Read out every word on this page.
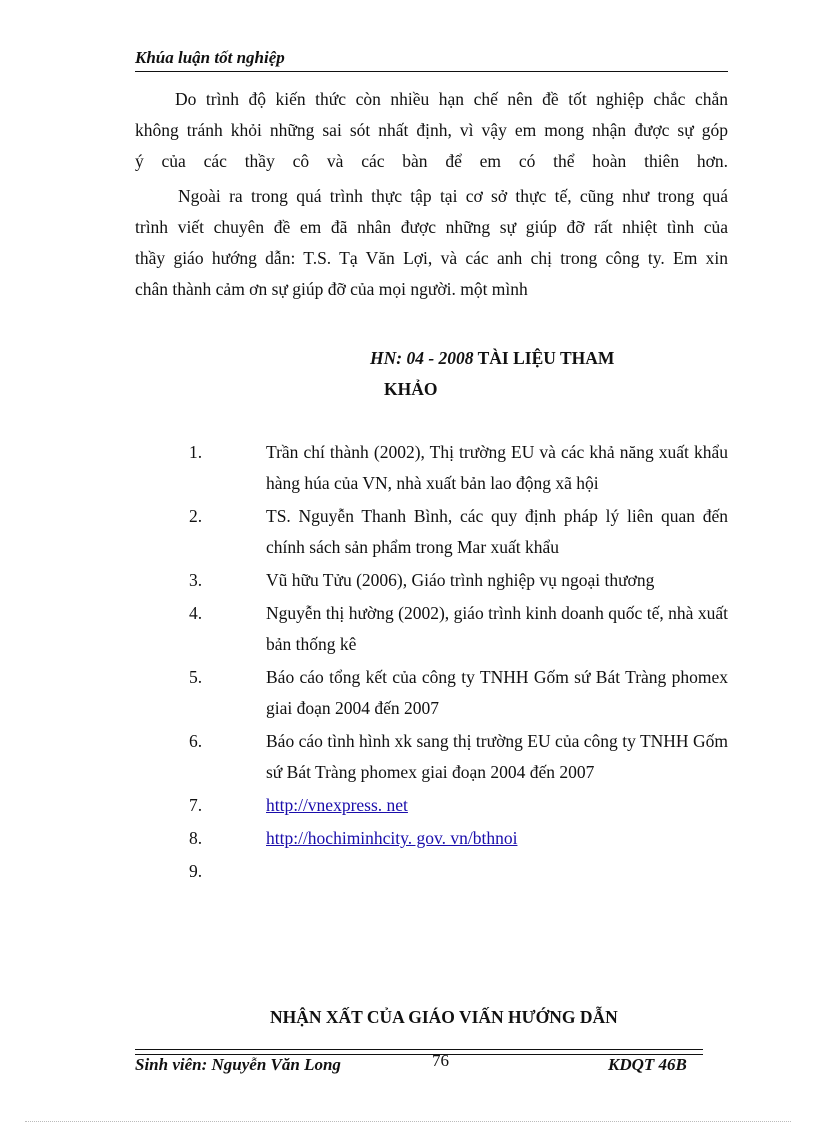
Khúa luận tốt nghiệp
Do trình độ kiến thức còn nhiều hạn chế nên đề tốt nghiệp chắc chắn
không tránh khỏi những sai sót nhất định, vì vậy em mong nhận được sự góp
ý của các thầy cô và các bàn để em có thể hoàn thiên hơn.
Ngoài ra trong quá trình thực tập tại cơ sở thực tế, cũng như trong quá
trình viết chuyên đề em đã nhân được những sự giúp đỡ rất nhiệt tình của
thầy giáo hướng dẫn: T.S. Tạ Văn Lợi, và các anh chị trong công ty. Em xin
chân thành cảm ơn sự giúp đỡ của mọi người. một mình
HN: 04 - 2008 TÀI LIỆU THAM
KHẢO
1.	Trần chí thành (2002), Thị trường EU và các khả năng xuất khẩu hàng húa của VN, nhà xuất bản lao động xã hội
2.	TS. Nguyễn Thanh Bình, các quy định pháp lý liên quan đến chính sách sản phẩm trong Mar xuất khẩu
3.	Vũ hữu Tửu (2006), Giáo trình nghiệp vụ ngoại thương
4.	Nguyễn thị hường (2002), giáo trình kinh doanh quốc tế, nhà xuất bản thống kê
5.	Báo cáo tổng kết của công ty TNHH Gốm sứ Bát Tràng phomex giai đoạn 2004 đến 2007
6.	Báo cáo tình hình xk sang thị trường EU của công ty TNHH Gốm sứ Bát Tràng phomex giai đoạn 2004 đến 2007
7.	http://vnexpress. net
8.	http://hochiminhcity. gov. vn/bthnoi
9.

NHẬN XẤT CỦA GIÁO VIẤN HƯỚNG DẪN
Sinh viên: Nguyễn Văn Long	76	KDQT 46B
